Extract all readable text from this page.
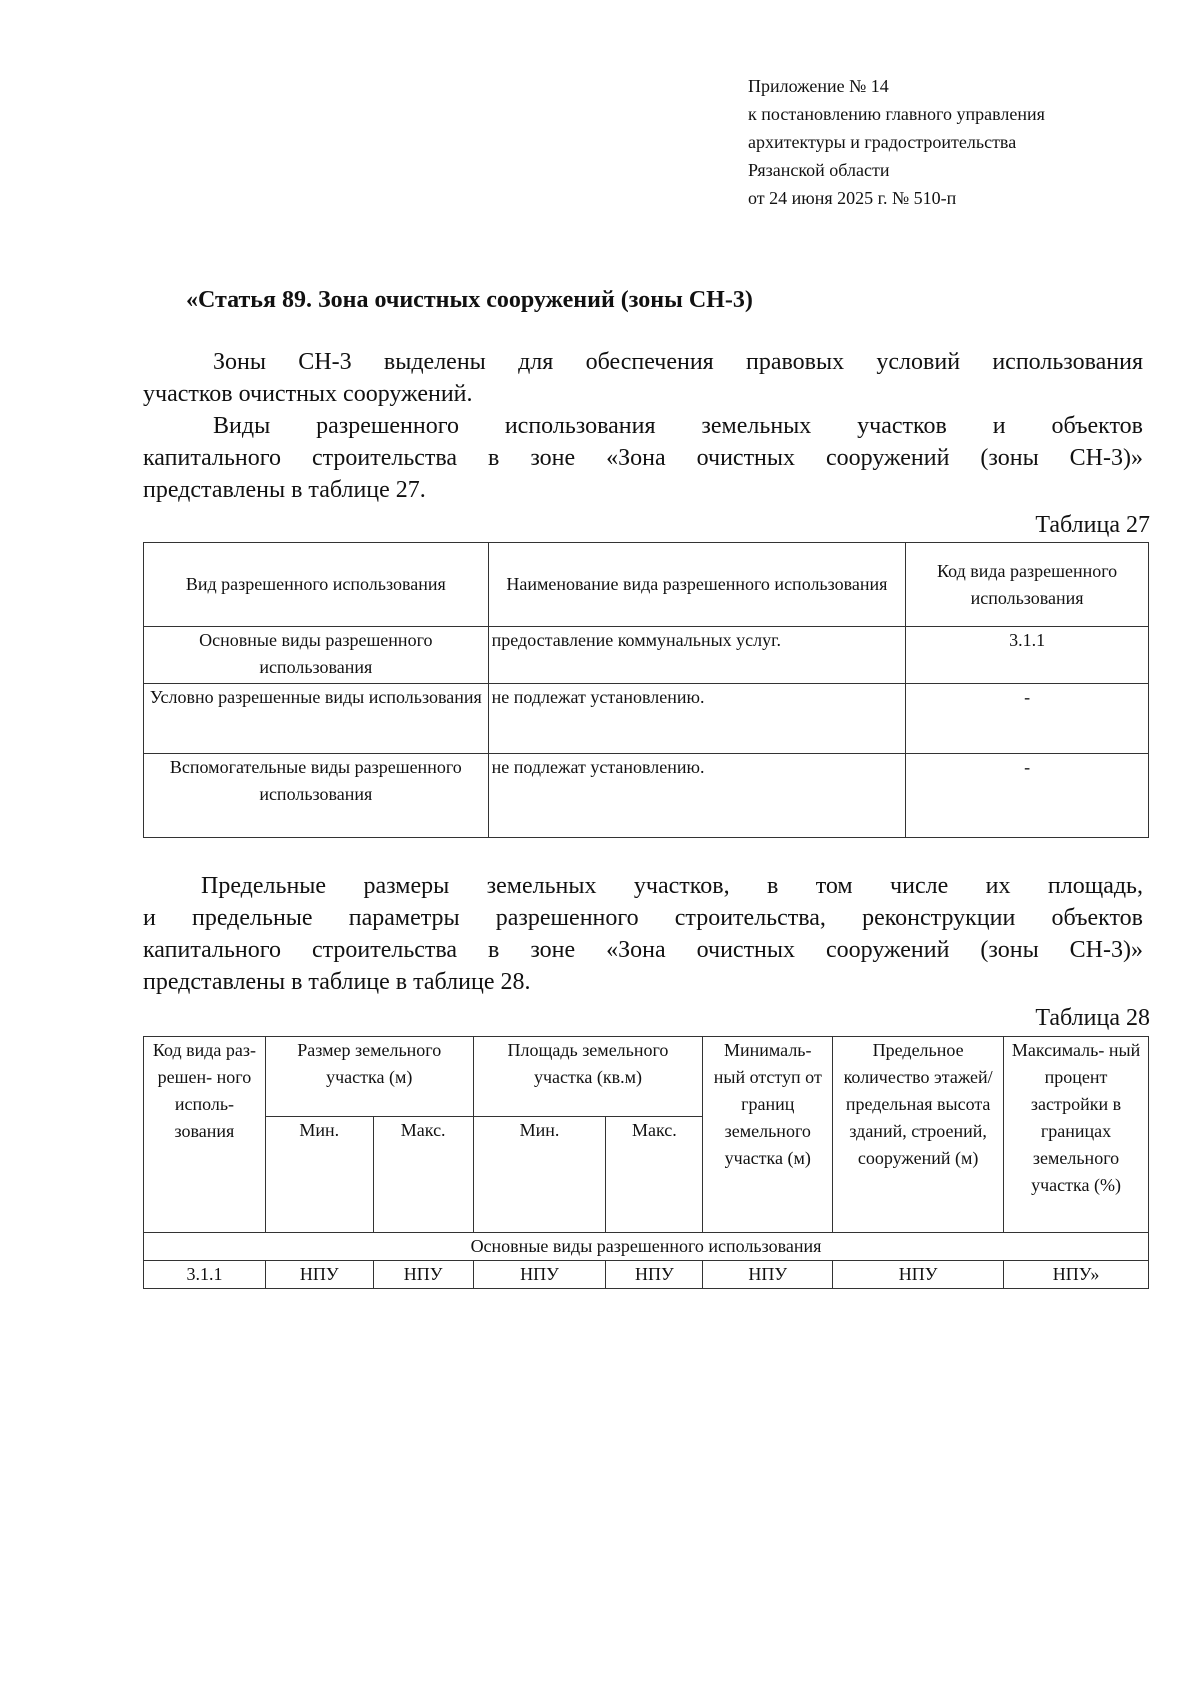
Приложение № 14
к постановлению главного управления
архитектуры и градостроительства
Рязанской области
от 24 июня 2025 г. № 510-п
«Статья 89. Зона очистных сооружений (зоны СН-3)
Зоны СН-3 выделены для обеспечения правовых условий использования
участков очистных сооружений.
Виды разрешенного использования земельных участков и объектов
капитального строительства в зоне «Зона очистных сооружений (зоны СН-3)»
представлены в таблице 27.
Таблица 27
Вид разрешенного использования	Наименование вида разрешенного использования	Код вида разрешенного использования
Основные виды разрешенного использования	предоставление коммунальных услуг.	3.1.1
Условно разрешенные виды использования	не подлежат установлению.	-
Вспомогательные виды разрешенного использования	не подлежат установлению.	-
Предельные размеры земельных участков, в том числе их площадь,
и предельные параметры разрешенного строительства, реконструкции объектов
капитального строительства в зоне «Зона очистных сооружений (зоны СН-3)»
представлены в таблице в таблице 28.
Таблица 28
Код вида раз- решен- ного исполь- зования	Размер земельного участка (м)		Площадь земельного участка (кв.м)		Минималь- ный отступ от границ земельного участка (м)	Предельное количество этажей/ предельная высота зданий, строений, сооружений (м)	Максималь- ный процент застройки в границах земельного участка (%)
	Мин.	Макс.	Мин.	Макс.			
Основные виды разрешенного использования							
3.1.1	НПУ	НПУ	НПУ	НПУ	НПУ	НПУ	НПУ»
